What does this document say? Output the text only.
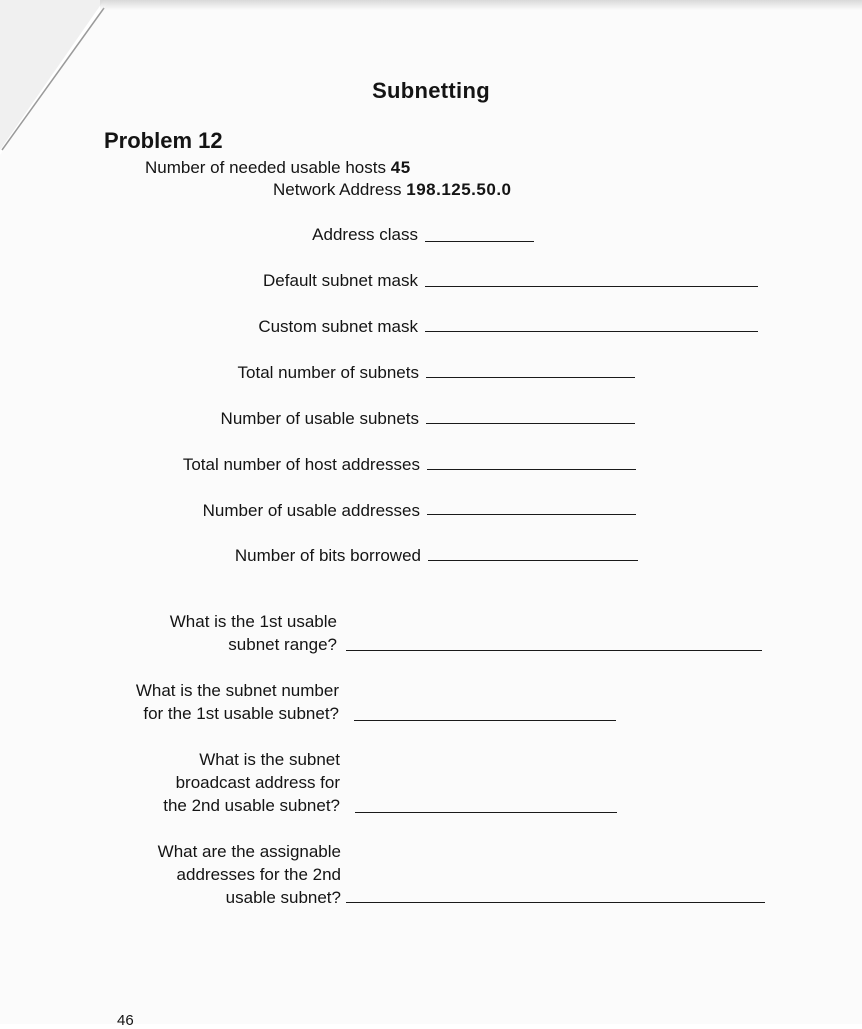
Subnetting
Problem 12
Number of needed usable hosts 45
Network Address 198.125.50.0
Address class
Default subnet mask
Custom subnet mask
Total number of subnets
Number of usable subnets
Total number of host addresses
Number of usable addresses
Number of bits borrowed
What is the 1st usable
subnet range?
What is the subnet number
for the 1st usable subnet?
What is the subnet
broadcast address for
the 2nd usable subnet?
What are the assignable
addresses for the 2nd
usable subnet?
46
